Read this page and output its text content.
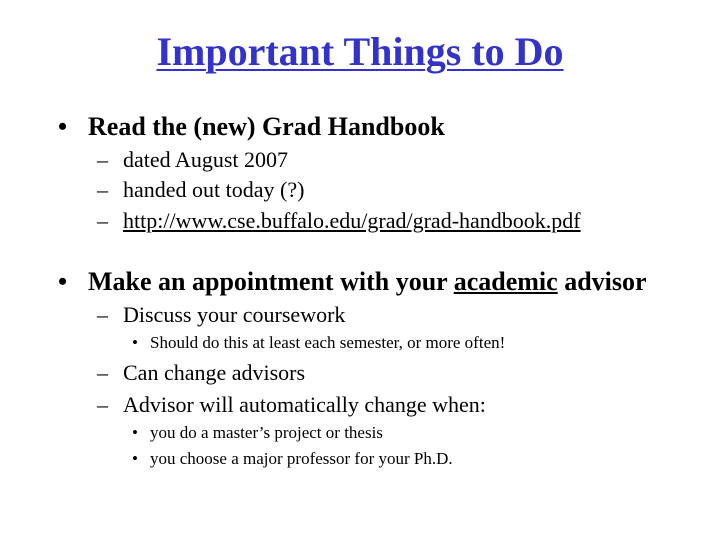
Important Things to Do
• Read the (new) Grad Handbook
– dated August 2007
– handed out today (?)
– http://www.cse.buffalo.edu/grad/grad-handbook.pdf
• Make an appointment with your academic advisor
– Discuss your coursework
• Should do this at least each semester, or more often!
– Can change advisors
– Advisor will automatically change when:
• you do a master’s project or thesis
• you choose a major professor for your Ph.D.
